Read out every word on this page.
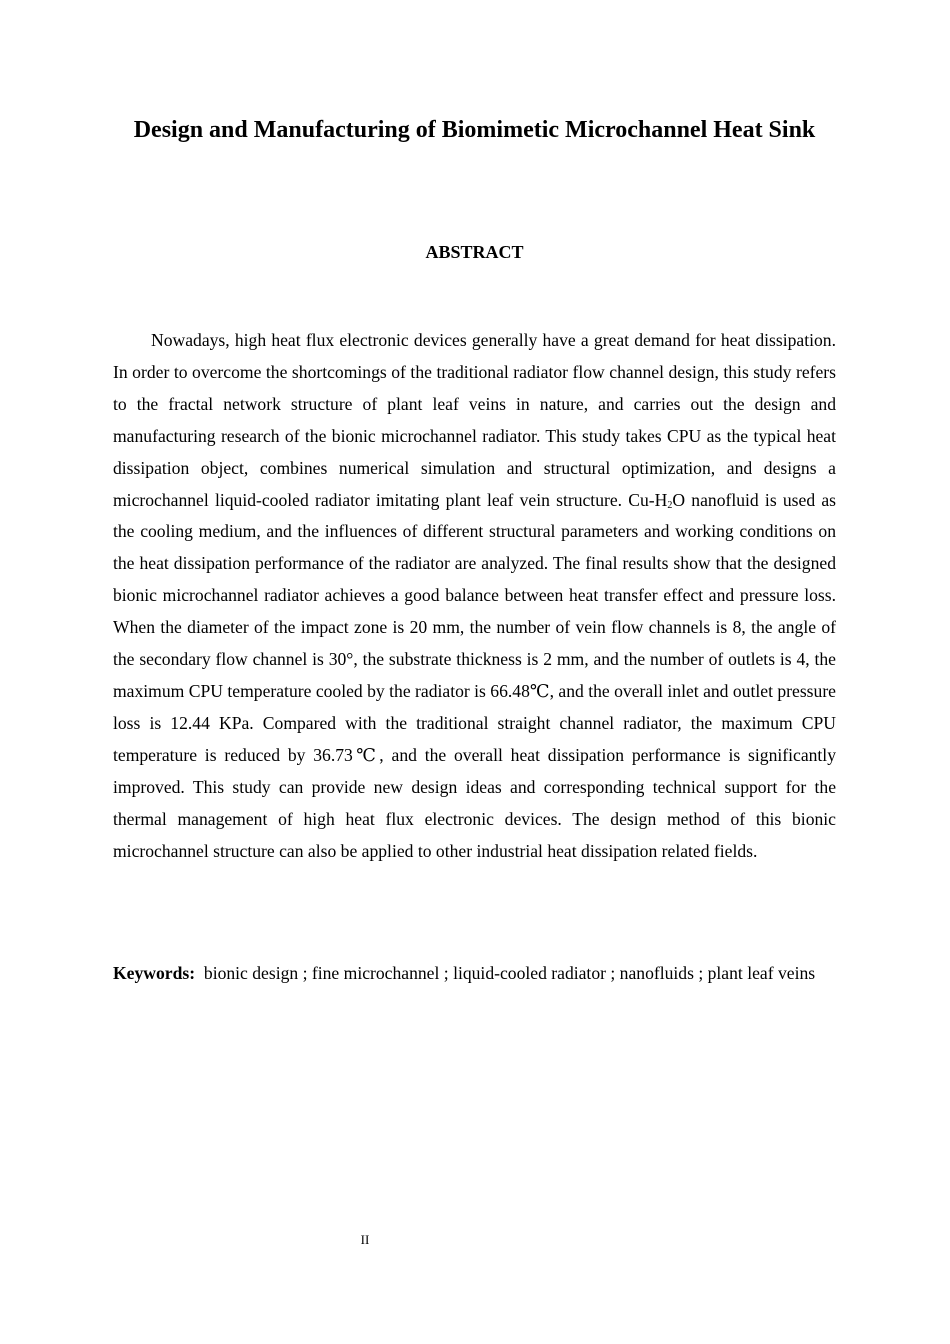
Design and Manufacturing of Biomimetic Microchannel Heat Sink
ABSTRACT

Nowadays, high heat flux electronic devices generally have a great demand for heat dissipation. In order to overcome the shortcomings of the traditional radiator flow channel design, this study refers to the fractal network structure of plant leaf veins in nature, and carries out the design and manufacturing research of the bionic microchannel radiator. This study takes CPU as the typical heat dissipation object, combines numerical simulation and structural optimization, and designs a microchannel liquid-cooled radiator imitating plant leaf vein structure. $Cu-H_2O$ nanofluid is used as the cooling medium, and the influences of different structural parameters and working conditions on the heat dissipation performance of the radiator are analyzed. The final results show that the designed bionic microchannel radiator achieves a good balance between heat transfer effect and pressure loss. When the diameter of the impact zone is 20 mm, the number of vein flow channels is 8, the angle of the secondary flow channel is 30°, the substrate thickness is 2 mm, and the number of outlets is 4, the maximum CPU temperature cooled by the radiator is 66.48℃, and the overall inlet and outlet pressure loss is 12.44 KPa. Compared with the traditional straight channel radiator, the maximum CPU temperature is reduced by 36.73℃, and the overall heat dissipation performance is significantly improved. This study can provide new design ideas and corresponding technical support for the thermal management of high heat flux electronic devices. The design method of this bionic microchannel structure can also be applied to other industrial heat dissipation related fields.

Keywords: bionic design ; fine microchannel ; liquid-cooled radiator ; nanofluids ; plant leaf veins

II
